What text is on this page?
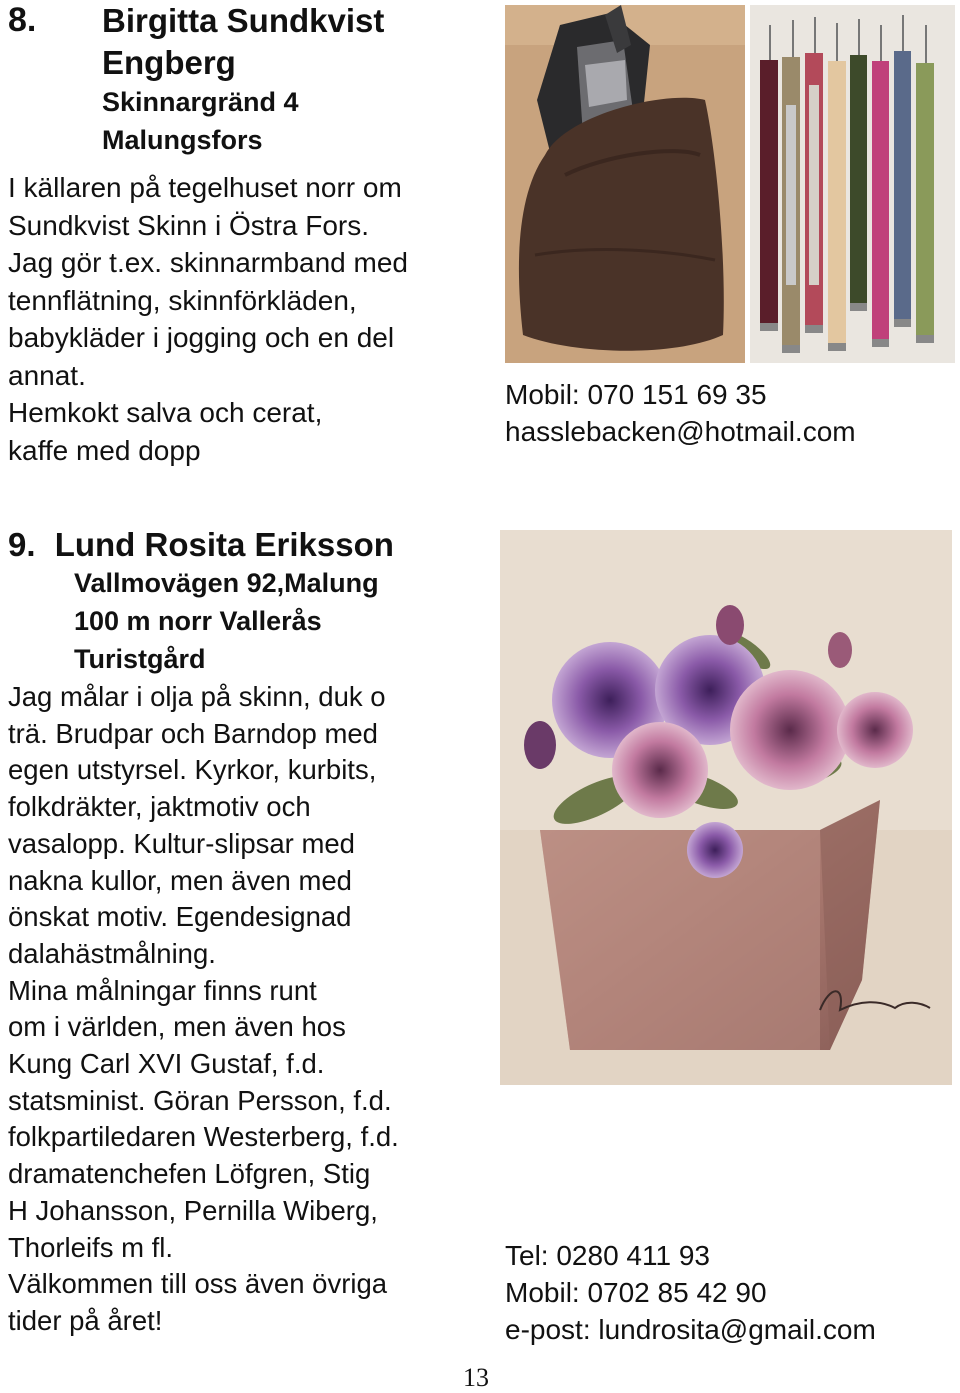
8. Birgitta Sundkvist
Engberg
Skinnargränd 4
Malungsfors
I källaren på tegelhuset norr om
Sundkvist Skinn i Östra Fors.
Jag gör t.ex. skinnarmband med
tennflätning, skinnförkläden,
babykläder i jogging och en del
annat.
Hemkokt salva och cerat,
kaffe med dopp
Mobil: 070 151 69 35
hasslebacken@hotmail.com
9. Lund Rosita Eriksson
Vallmovägen 92,Malung
100 m norr Vallerås
Turistgård
Jag målar i olja på skinn, duk o
trä. Brudpar och Barndop med
egen utstyrsel. Kyrkor, kurbits,
folkdräkter, jaktmotiv och
vasalopp. Kultur-slipsar med
nakna kullor, men även med
önskat motiv. Egendesignad
dalahästmålning.
Mina målningar finns runt
om i världen, men även hos
Kung Carl XVI Gustaf, f.d.
statsminist. Göran Persson, f.d.
folkpartiledaren Westerberg, f.d.
dramatenchefen Löfgren, Stig
H Johansson, Pernilla Wiberg,
Thorleifs m fl.
Välkommen till oss även övriga
tider på året!
Tel: 0280 411 93
Mobil: 0702 85 42 90
e-post: lundrosita@gmail.com
13
